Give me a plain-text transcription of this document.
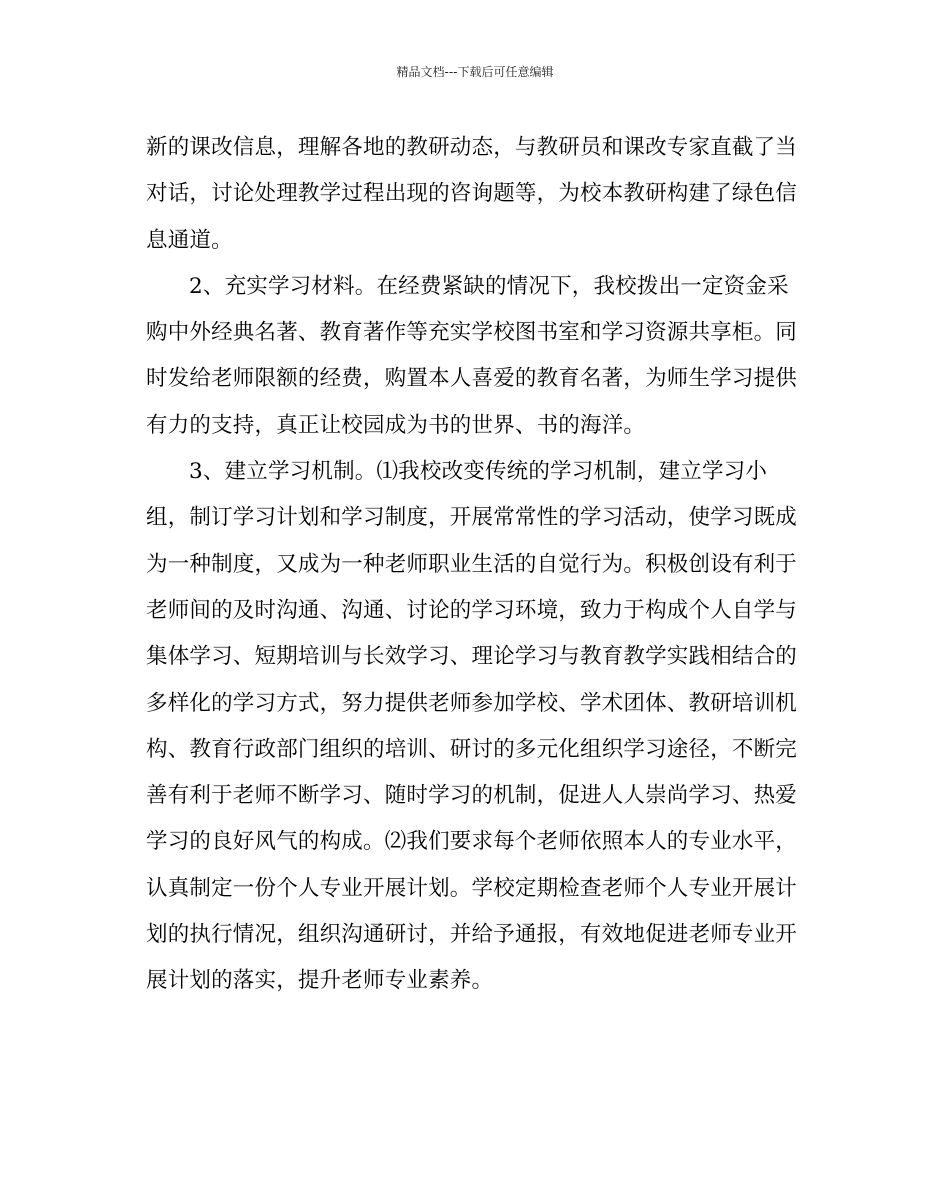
精品文档---下载后可任意编辑
新的课改信息，理解各地的教研动态，与教研员和课改专家直截了当
对话，讨论处理教学过程出现的咨询题等，为校本教研构建了绿色信
息通道。
2、充实学习材料。在经费紧缺的情况下，我校拨出一定资金采
购中外经典名著、教育著作等充实学校图书室和学习资源共享柜。同
时发给老师限额的经费，购置本人喜爱的教育名著，为师生学习提供
有力的支持，真正让校园成为书的世界、书的海洋。
3、建立学习机制。⑴我校改变传统的学习机制，建立学习小
组，制订学习计划和学习制度，开展常常性的学习活动，使学习既成
为一种制度，又成为一种老师职业生活的自觉行为。积极创设有利于
老师间的及时沟通、沟通、讨论的学习环境，致力于构成个人自学与
集体学习、短期培训与长效学习、理论学习与教育教学实践相结合的
多样化的学习方式，努力提供老师参加学校、学术团体、教研培训机
构、教育行政部门组织的培训、研讨的多元化组织学习途径，不断完
善有利于老师不断学习、随时学习的机制，促进人人崇尚学习、热爱
学习的良好风气的构成。⑵我们要求每个老师依照本人的专业水平，
认真制定一份个人专业开展计划。学校定期检查老师个人专业开展计
划的执行情况，组织沟通研讨，并给予通报，有效地促进老师专业开
展计划的落实，提升老师专业素养。
